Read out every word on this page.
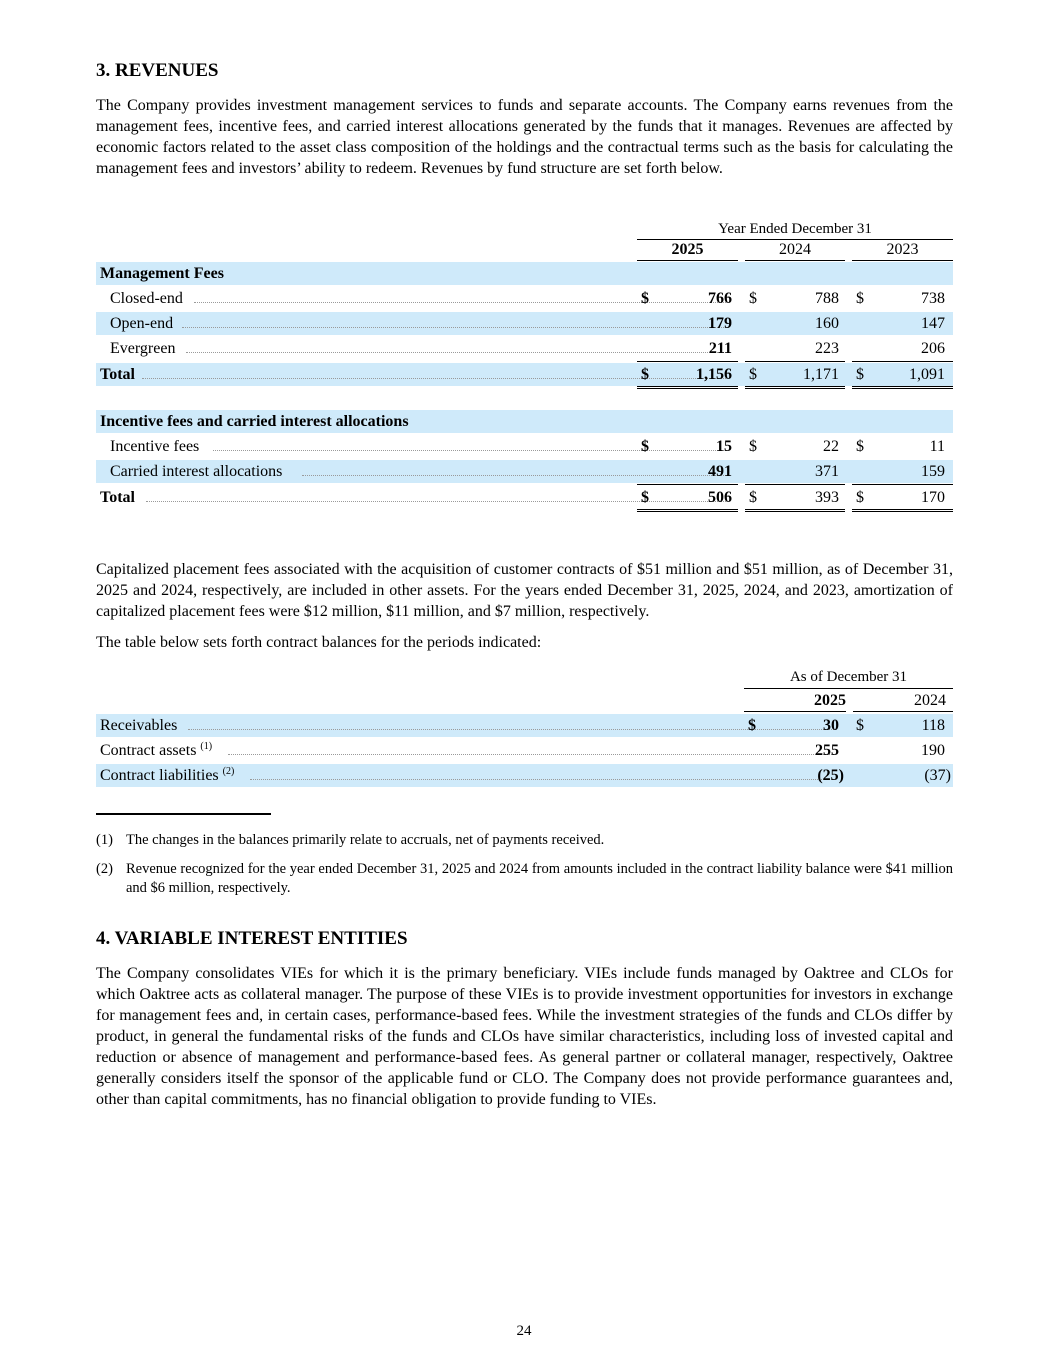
3. REVENUES

The Company provides investment management services to funds and separate accounts. The Company earns revenues from the management fees, incentive fees, and carried interest allocations generated by the funds that it manages. Revenues are affected by economic factors related to the asset class composition of the holdings and the contractual terms such as the basis for calculating the management fees and investors’ ability to redeem. Revenues by fund structure are set forth below.

Year Ended December 31
2025	2024	2023
Management Fees
Closed-end	$	766 $	788 $	738
Open-end	179	160	147
Evergreen	211	223	206
Total	$	1,156 $	1,171 $	1,091
Incentive fees and carried interest allocations
Incentive fees	$	15 $	22 $	11
Carried interest allocations	491	371	159
Total	$	506 $	393 $	170

Capitalized placement fees associated with the acquisition of customer contracts of $51 million and $51 million, as of December 31, 2025 and 2024, respectively, are included in other assets. For the years ended December 31, 2025, 2024, and 2023, amortization of capitalized placement fees were $12 million, $11 million, and $7 million, respectively.

The table below sets forth contract balances for the periods indicated:

As of December 31
2025	2024
Receivables	$	30 $	118
Contract assets $^{(1)}$	255	190
Contract liabilities $^{(2)}$	(25)	(37)
(1) The changes in the balances primarily relate to accruals, net of payments received.
(2) Revenue recognized for the year ended December 31, 2025 and 2024 from amounts included in the contract liability balance were $41 million and $6 million, respectively.
4. VARIABLE INTEREST ENTITIES

The Company consolidates VIEs for which it is the primary beneficiary. VIEs include funds managed by Oaktree and CLOs for which Oaktree acts as collateral manager. The purpose of these VIEs is to provide investment opportunities for investors in exchange for management fees and, in certain cases, performance-based fees. While the investment strategies of the funds and CLOs differ by product, in general the fundamental risks of the funds and CLOs have similar characteristics, including loss of invested capital and reduction or absence of management and performance-based fees. As general partner or collateral manager, respectively, Oaktree generally considers itself the sponsor of the applicable fund or CLO. The Company does not provide performance guarantees and, other than capital commitments, has no financial obligation to provide funding to VIEs.

24
